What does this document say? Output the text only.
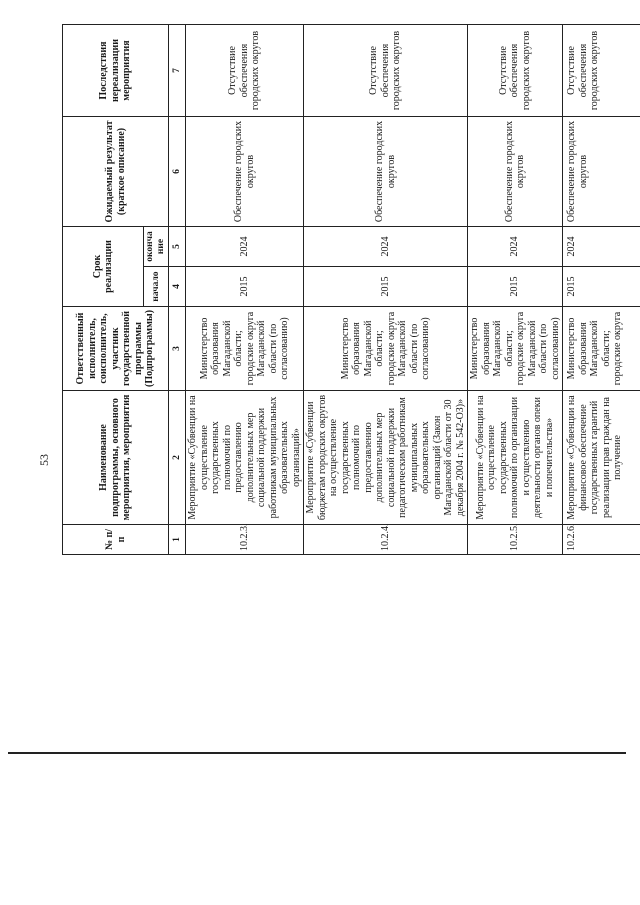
53
№ п/п	Наименование подпрограммы, основного мероприятия, мероприятия	Ответственный исполнитель, соисполнитель, участник государственной программы (Подпрограммы)	Срок реализации		Ожидаемый результат (краткое описание)	Последствия нереализации мероприятия
			начало	оконча ние		
1	2	3	4	5	6	7
10.2.3.	Мероприятие «Субвенции на осуществление государственных полномочий по предоставлению дополнительных мер социальной поддержки работникам муниципальных образовательных организаций»	Министерство образования Магаданской области; городские округа Магаданской области (по согласованию)	2015	2024	Обеспечение городских округов	Отсутствие обеспечения городских округов
10.2.4.	Мероприятие «Субвенции бюджетам городских округов на осуществление государственных полномочий по предоставлению дополнительных мер социальной поддержки педагогическим работникам муниципальных образовательных организаций (Закон Магаданской области от 30 декабря 2004 г. № 542-ОЗ)»	Министерство образования Магаданской области; городские округа Магаданской области (по согласованию)	2015	2024	Обеспечение городских округов	Отсутствие обеспечения городских округов
10.2.5.	Мероприятие «Субвенции на осуществление государственных полномочий по организации и осуществлению деятельности органов опеки и попечительства»	Министерство образования Магаданской области; городские округа Магаданской области (по согласованию)	2015	2024	Обеспечение городских округов	Отсутствие обеспечения городских округов
10.2.6.	Мероприятие «Субвенции на финансовое обеспечение государственных гарантий реализации прав граждан на получение	Министерство образования Магаданской области; городские округа	2015	2024	Обеспечение городских округов	Отсутствие обеспечения городских округов
